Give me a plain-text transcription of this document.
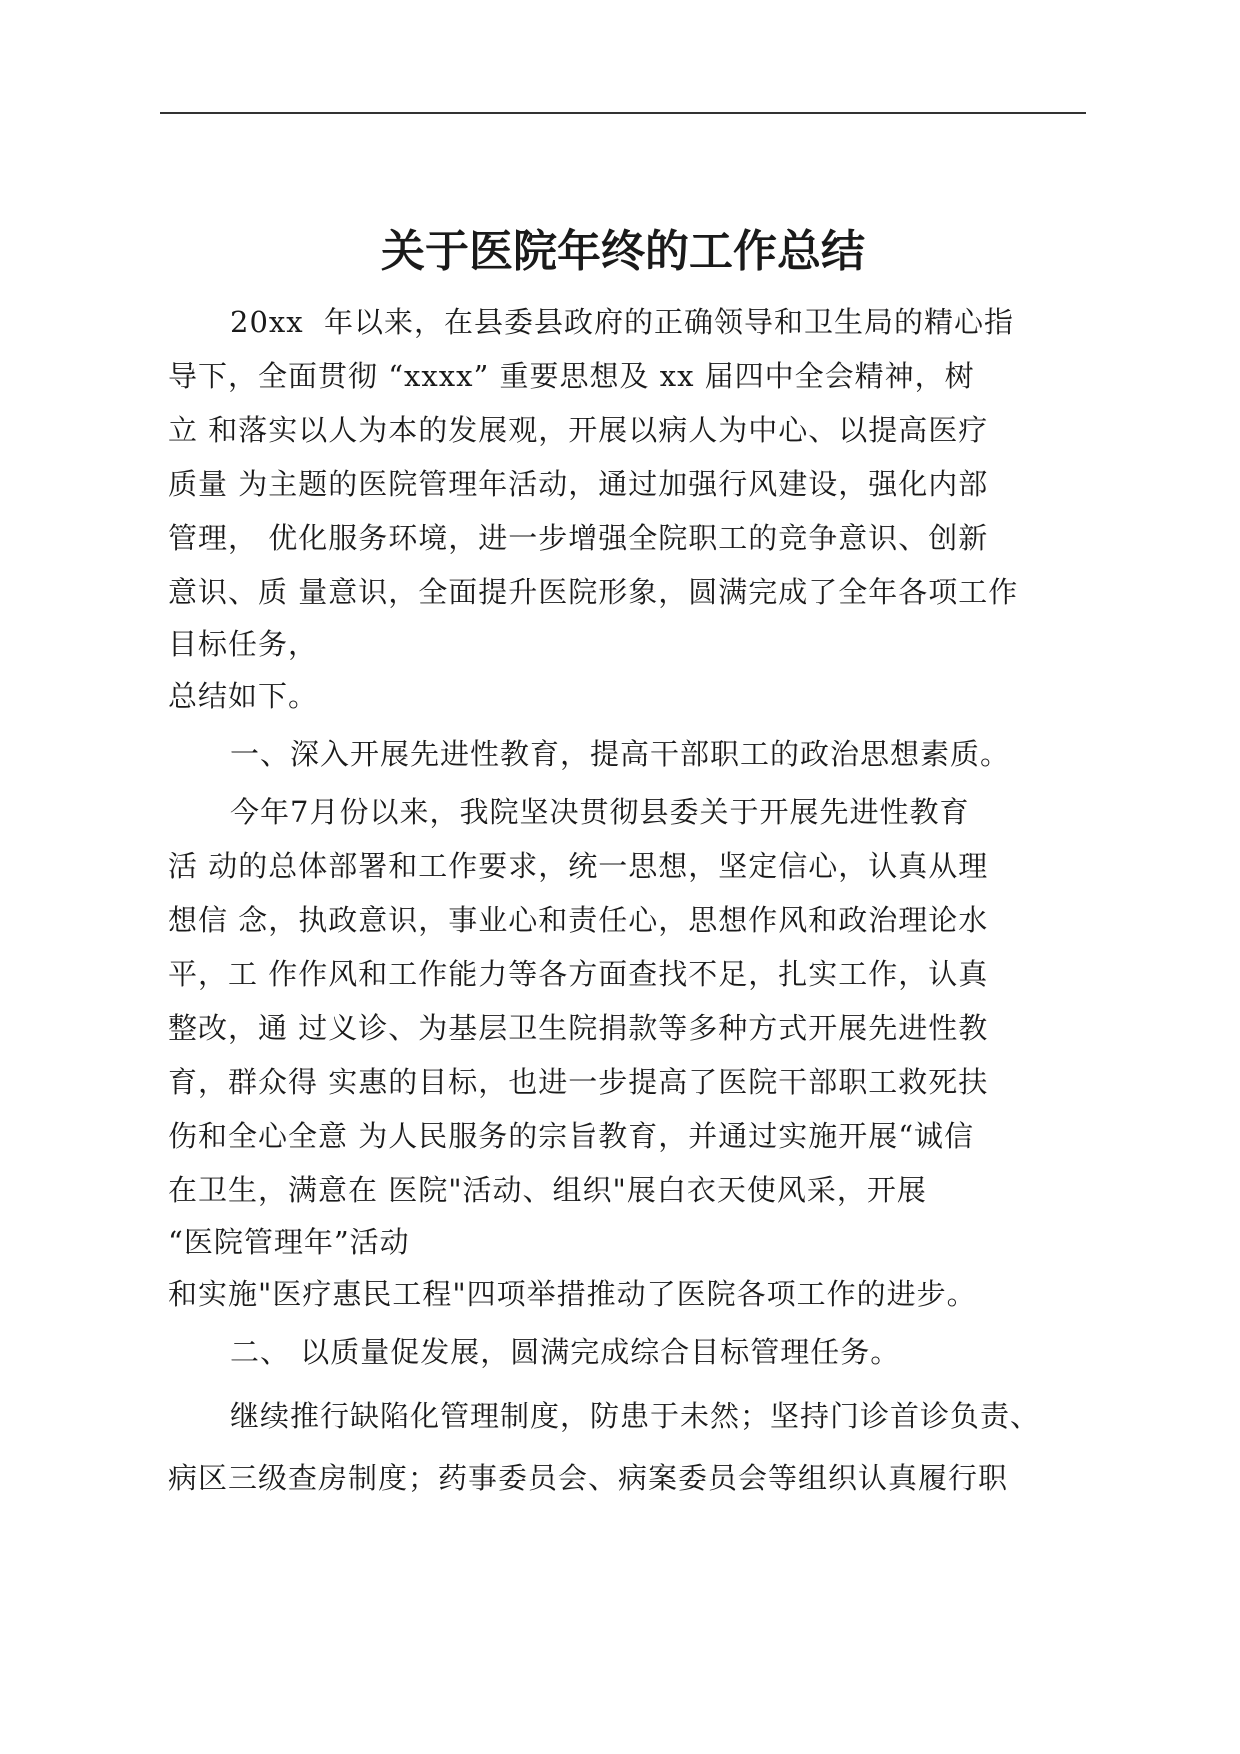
关于医院年终的工作总结
20xx  年以来，在县委县政府的正确领导和卫生局的精心指
导下，全面贯彻 “xxxx” 重要思想及 xx 届四中全会精神，树
立 和落实以人为本的发展观，开展以病人为中心、以提高医疗
质量 为主题的医院管理年活动，通过加强行风建设，强化内部
管理， 优化服务环境，进一步增强全院职工的竞争意识、创新
意识、质 量意识，全面提升医院形象，圆满完成了全年各项工作
目标任务，
总结如下。
一、深入开展先进性教育，提高干部职工的政治思想素质。
今年7月份以来，我院坚决贯彻县委关于开展先进性教育
活 动的总体部署和工作要求，统一思想，坚定信心，认真从理
想信 念，执政意识，事业心和责任心，思想作风和政治理论水
平，工 作作风和工作能力等各方面查找不足，扎实工作，认真
整改，通 过义诊、为基层卫生院捐款等多种方式开展先进性教
育，群众得 实惠的目标，也进一步提高了医院干部职工救死扶
伤和全心全意 为人民服务的宗旨教育，并通过实施开展“诚信
在卫生，满意在 医院"活动、组织"展白衣天使风采，开展
“医院管理年”活动
和实施"医疗惠民工程"四项举措推动了医院各项工作的进步。
二、 以质量促发展，圆满完成综合目标管理任务。
继续推行缺陷化管理制度，防患于未然；坚持门诊首诊负责、
病区三级查房制度；药事委员会、病案委员会等组织认真履行职
